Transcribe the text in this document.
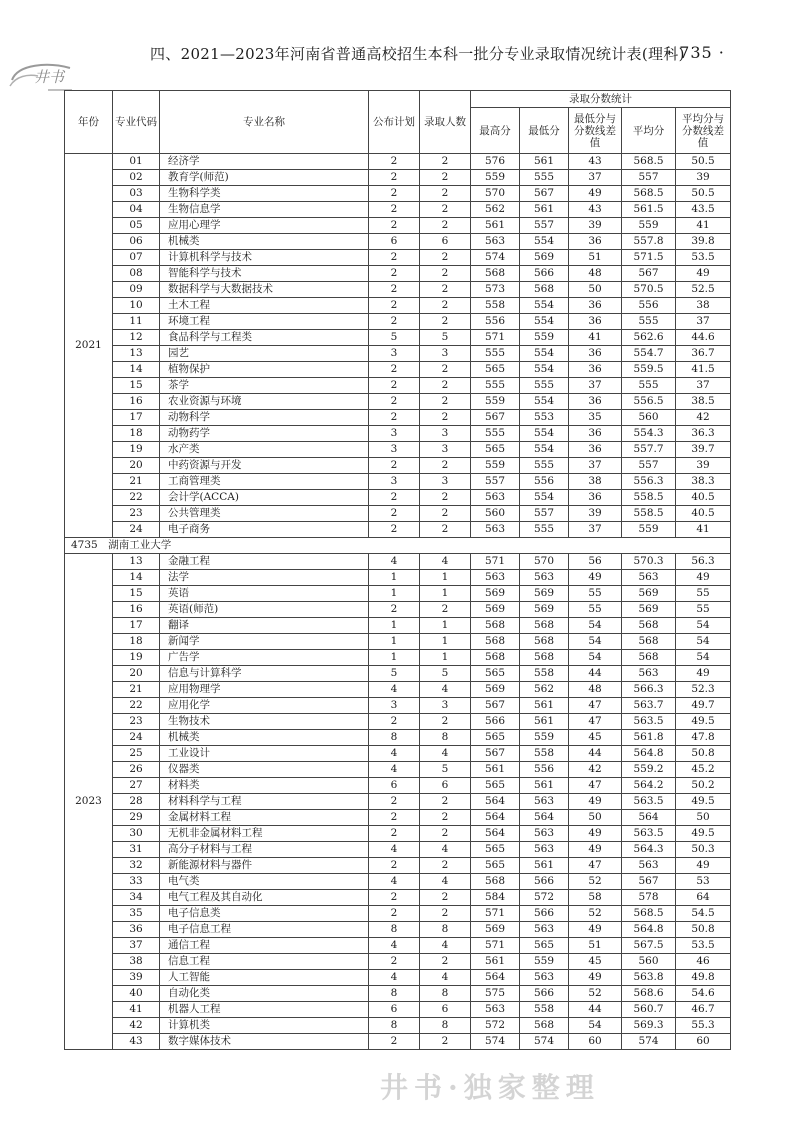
井书
四、2021—2023年河南省普通高校招生本科一批分专业录取情况统计表(理科)
· 735 ·
年份	专业代码	专业名称	公布计划	录取人数	录取分数统计				
					最高分	最低分	最低分与分数线差值	平均分	平均分与分数线差值
2021	01	经济学	2	2	576	561	43	568.5	50.5
	02	教育学(师范)	2	2	559	555	37	557	39
	03	生物科学类	2	2	570	567	49	568.5	50.5
	04	生物信息学	2	2	562	561	43	561.5	43.5
	05	应用心理学	2	2	561	557	39	559	41
	06	机械类	6	6	563	554	36	557.8	39.8
	07	计算机科学与技术	2	2	574	569	51	571.5	53.5
	08	智能科学与技术	2	2	568	566	48	567	49
	09	数据科学与大数据技术	2	2	573	568	50	570.5	52.5
	10	土木工程	2	2	558	554	36	556	38
	11	环境工程	2	2	556	554	36	555	37
	12	食品科学与工程类	5	5	571	559	41	562.6	44.6
	13	园艺	3	3	555	554	36	554.7	36.7
	14	植物保护	2	2	565	554	36	559.5	41.5
	15	茶学	2	2	555	555	37	555	37
	16	农业资源与环境	2	2	559	554	36	556.5	38.5
	17	动物科学	2	2	567	553	35	560	42
	18	动物药学	3	3	555	554	36	554.3	36.3
	19	水产类	3	3	565	554	36	557.7	39.7
	20	中药资源与开发	2	2	559	555	37	557	39
	21	工商管理类	3	3	557	556	38	556.3	38.3
	22	会计学(ACCA)	2	2	563	554	36	558.5	40.5
	23	公共管理类	2	2	560	557	39	558.5	40.5
	24	电子商务	2	2	563	555	37	559	41
4735　湖南工业大学									
2023	13	金融工程	4	4	571	570	56	570.3	56.3
	14	法学	1	1	563	563	49	563	49
	15	英语	1	1	569	569	55	569	55
	16	英语(师范)	2	2	569	569	55	569	55
	17	翻译	1	1	568	568	54	568	54
	18	新闻学	1	1	568	568	54	568	54
	19	广告学	1	1	568	568	54	568	54
	20	信息与计算科学	5	5	565	558	44	563	49
	21	应用物理学	4	4	569	562	48	566.3	52.3
	22	应用化学	3	3	567	561	47	563.7	49.7
	23	生物技术	2	2	566	561	47	563.5	49.5
	24	机械类	8	8	565	559	45	561.8	47.8
	25	工业设计	4	4	567	558	44	564.8	50.8
	26	仪器类	4	5	561	556	42	559.2	45.2
	27	材料类	6	6	565	561	47	564.2	50.2
	28	材料科学与工程	2	2	564	563	49	563.5	49.5
	29	金属材料工程	2	2	564	564	50	564	50
	30	无机非金属材料工程	2	2	564	563	49	563.5	49.5
	31	高分子材料与工程	4	4	565	563	49	564.3	50.3
	32	新能源材料与器件	2	2	565	561	47	563	49
	33	电气类	4	4	568	566	52	567	53
	34	电气工程及其自动化	2	2	584	572	58	578	64
	35	电子信息类	2	2	571	566	52	568.5	54.5
	36	电子信息工程	8	8	569	563	49	564.8	50.8
	37	通信工程	4	4	571	565	51	567.5	53.5
	38	信息工程	2	2	561	559	45	560	46
	39	人工智能	4	4	564	563	49	563.8	49.8
	40	自动化类	8	8	575	566	52	568.6	54.6
	41	机器人工程	6	6	563	558	44	560.7	46.7
	42	计算机类	8	8	572	568	54	569.3	55.3
	43	数字媒体技术	2	2	574	574	60	574	60
井书·独家整理
